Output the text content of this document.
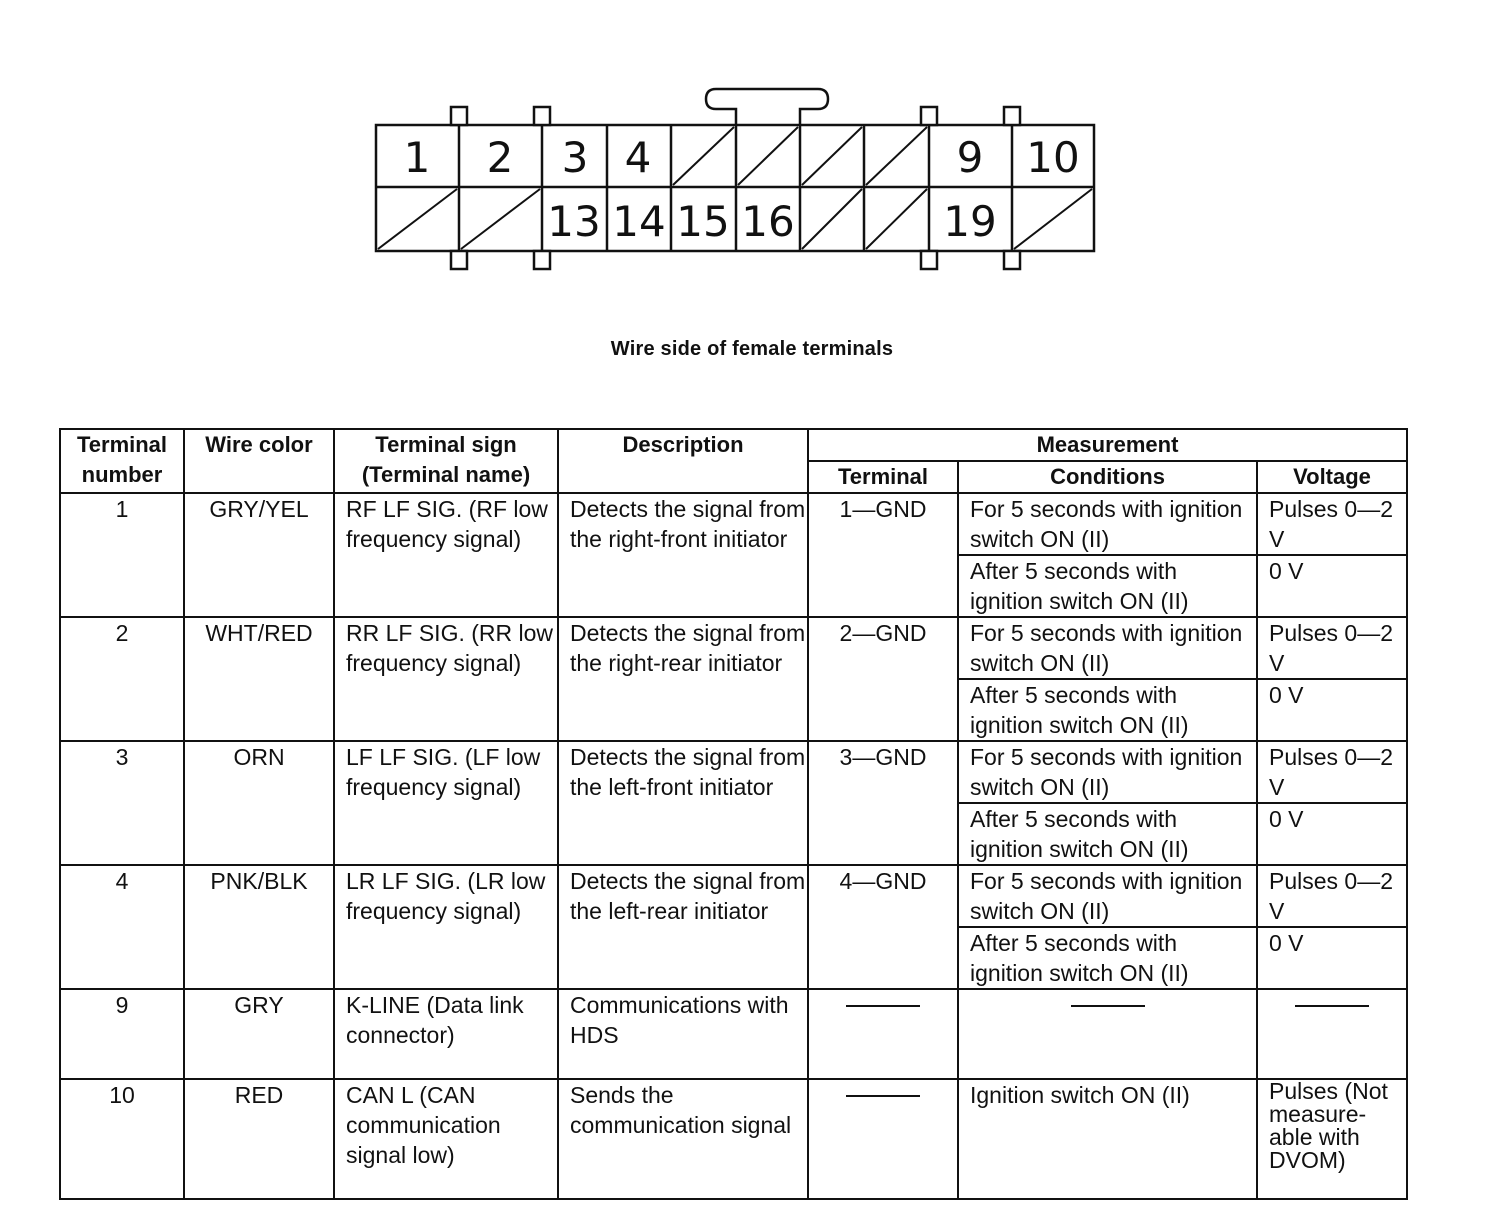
1 2 3 4	9 10
13 14 15 16	19
Wire side of female terminals
Terminal number	Wire color	Terminal sign (Terminal name)	Description	Measurement		
				Terminal	Conditions	Voltage
1	GRY/YEL	RF LF SIG. (RF low frequency signal)	Detects the signal from the right-front initiator	1—GND	For 5 seconds with ignition switch ON (II)	Pulses 0—2 V
					After 5 seconds with ignition switch ON (II)	0 V
2	WHT/RED	RR LF SIG. (RR low frequency signal)	Detects the signal from the right-rear initiator	2—GND	For 5 seconds with ignition switch ON (II)	Pulses 0—2 V
					After 5 seconds with ignition switch ON (II)	0 V
3	ORN	LF LF SIG. (LF low frequency signal)	Detects the signal from the left-front initiator	3—GND	For 5 seconds with ignition switch ON (II)	Pulses 0—2 V
					After 5 seconds with ignition switch ON (II)	0 V
4	PNK/BLK	LR LF SIG. (LR low frequency signal)	Detects the signal from the left-rear initiator	4—GND	For 5 seconds with ignition switch ON (II)	Pulses 0—2 V
					After 5 seconds with ignition switch ON (II)	0 V
9	GRY	K-LINE (Data link connector)	Communications with HDS	

10	RED	CAN L (CAN communication signal low)	Sends the communication signal		Ignition switch ON (II)	Pulses (Not measure-able with DVOM)
